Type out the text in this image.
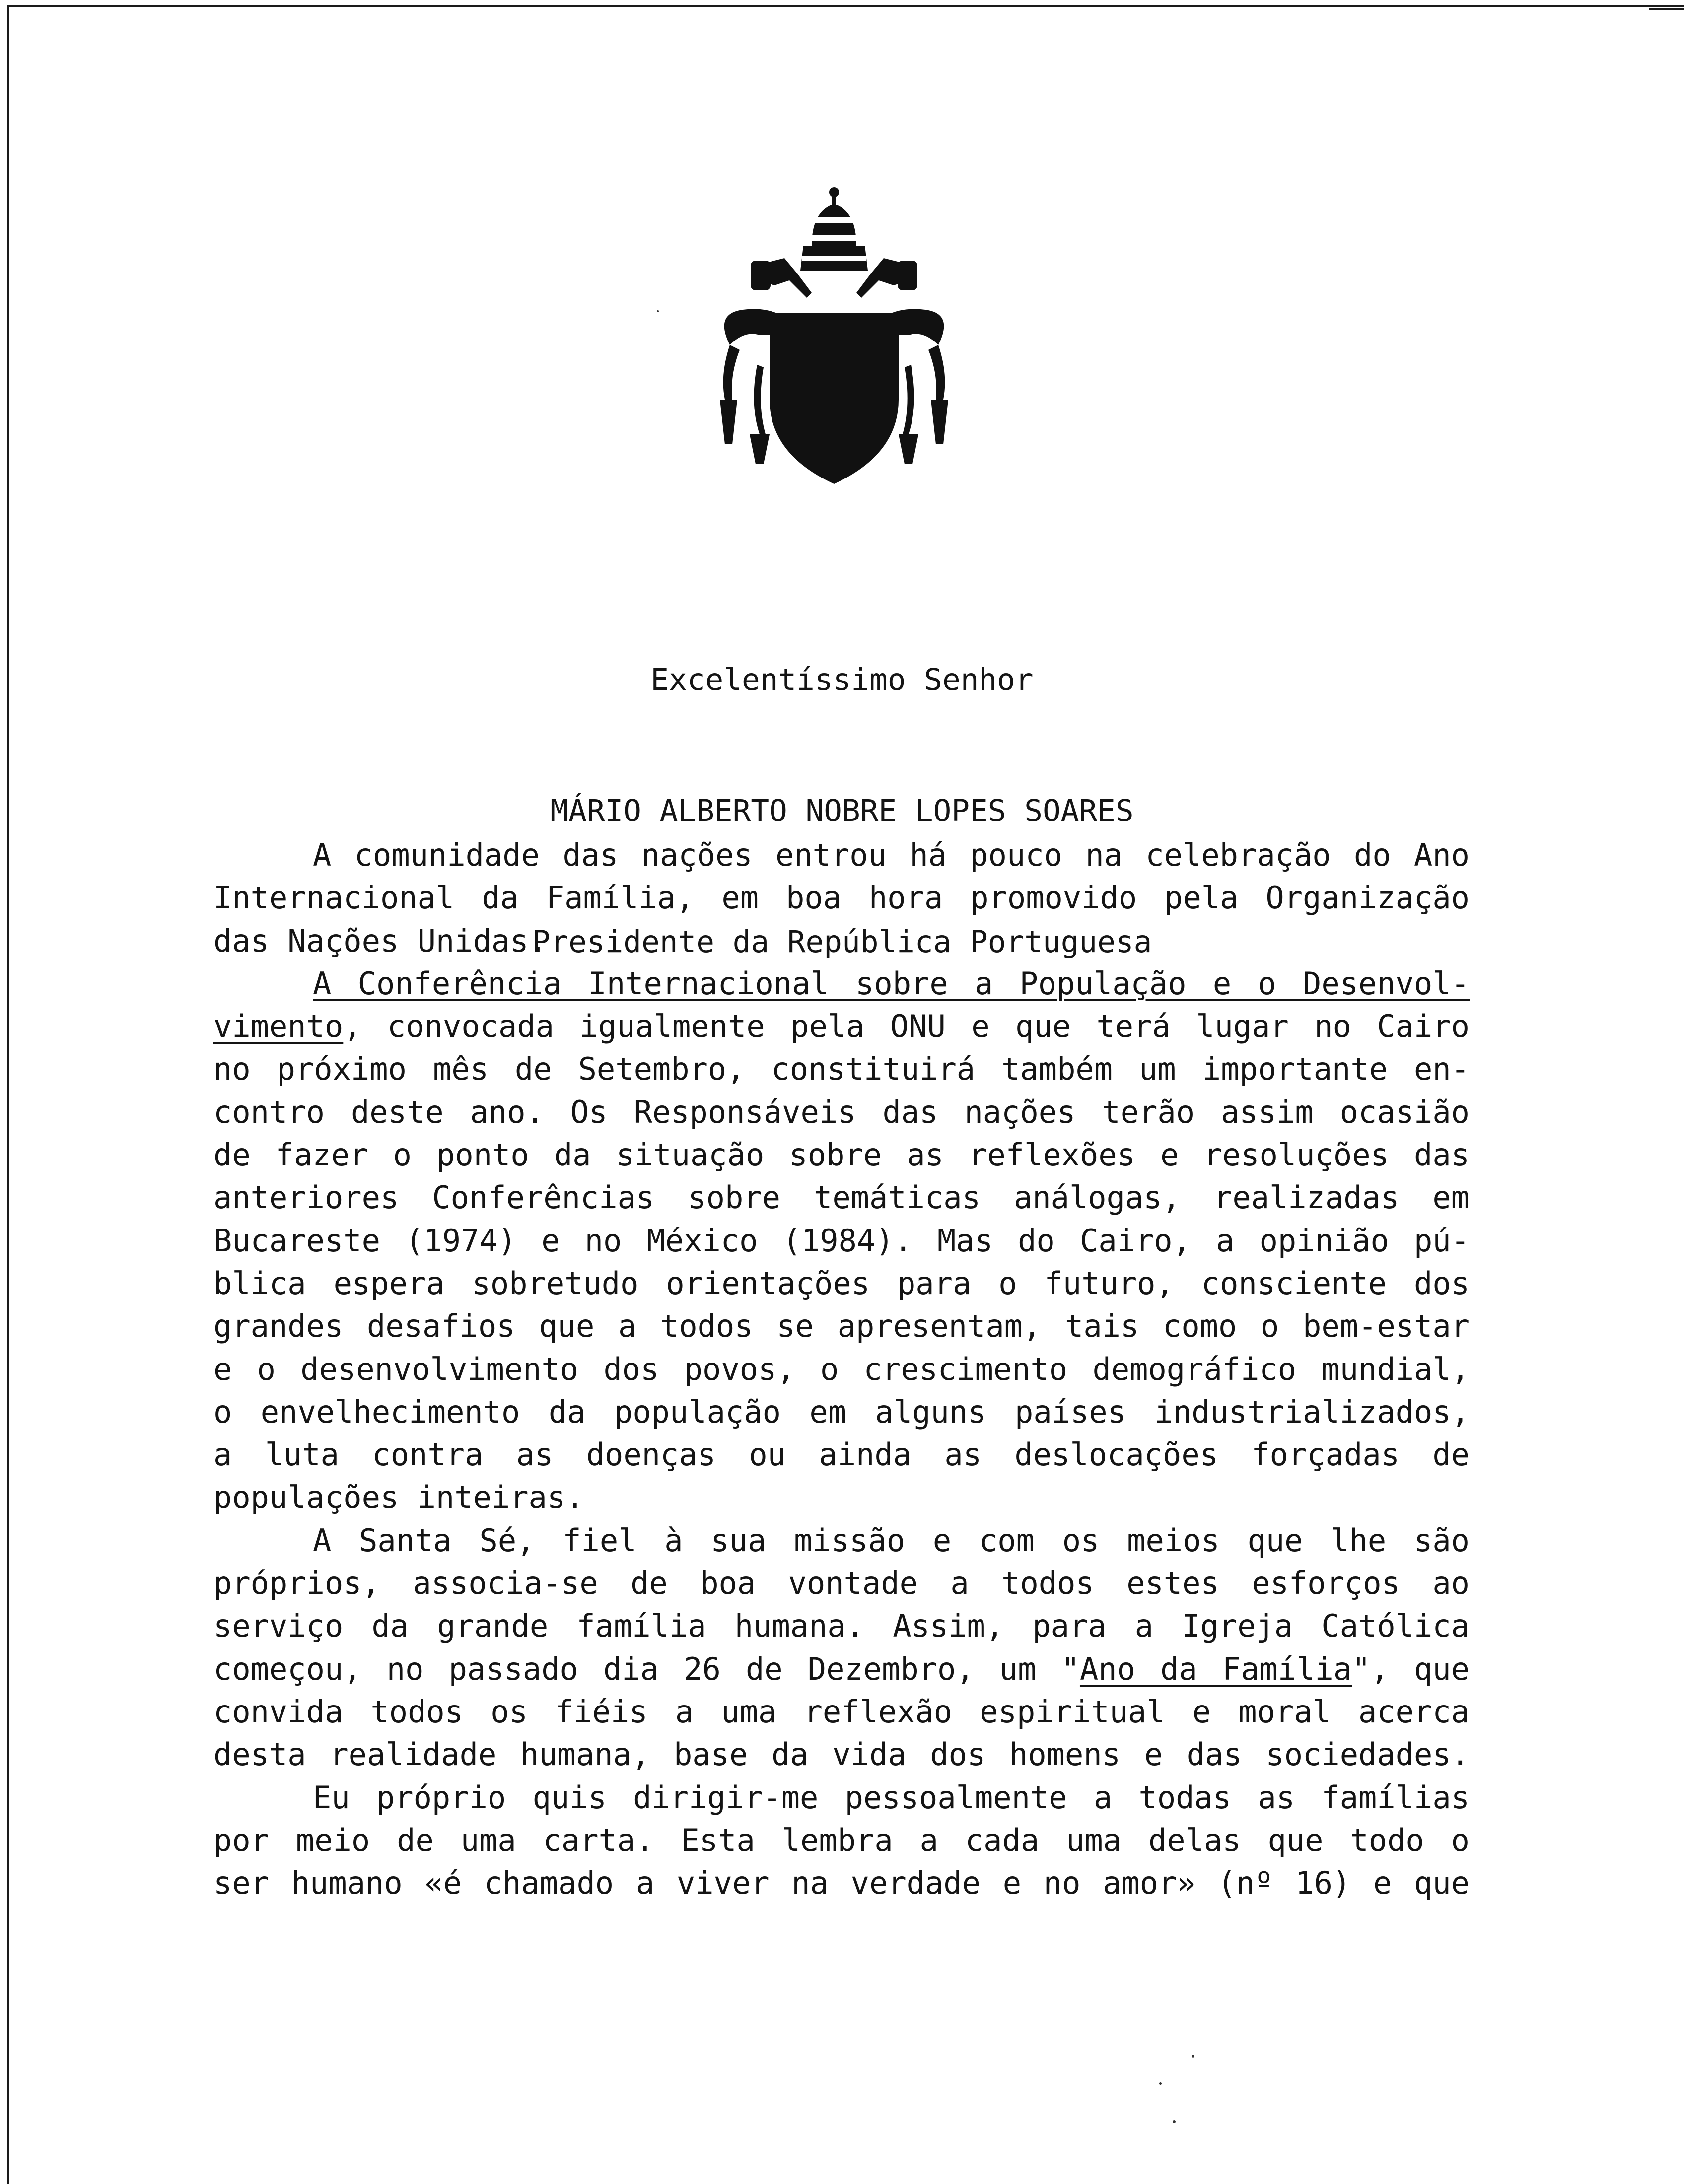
Excelentíssimo Senhor

MÁRIO ALBERTO NOBRE LOPES SOARES

Presidente da República Portuguesa

A comunidade das nações entrou há pouco na celebração do Ano
Internacional da Família, em boa hora promovido pela Organização
das Nações Unidas.
A Conferência Internacional sobre a População e o Desenvol-
vimento, convocada igualmente pela ONU e que terá lugar no Cairo
no próximo mês de Setembro, constituirá também um importante en-
contro deste ano. Os Responsáveis das nações terão assim ocasião
de fazer o ponto da situação sobre as reflexões e resoluções das
anteriores Conferências sobre temáticas análogas, realizadas em
Bucareste (1974) e no México (1984). Mas do Cairo, a opinião pú-
blica espera sobretudo orientações para o futuro, consciente dos
grandes desafios que a todos se apresentam, tais como o bem-estar
e o desenvolvimento dos povos, o crescimento demográfico mundial,
o envelhecimento da população em alguns países industrializados,
a luta contra as doenças ou ainda as deslocações forçadas de
populações inteiras.
A Santa Sé, fiel à sua missão e com os meios que lhe são
próprios, associa-se de boa vontade a todos estes esforços ao
serviço da grande família humana. Assim, para a Igreja Católica
começou, no passado dia 26 de Dezembro, um "Ano da Família", que
convida todos os fiéis a uma reflexão espiritual e moral acerca
desta realidade humana, base da vida dos homens e das sociedades.
Eu próprio quis dirigir-me pessoalmente a todas as famílias
por meio de uma carta. Esta lembra a cada uma delas que todo o
ser humano «é chamado a viver na verdade e no amor» (nº 16) e que
